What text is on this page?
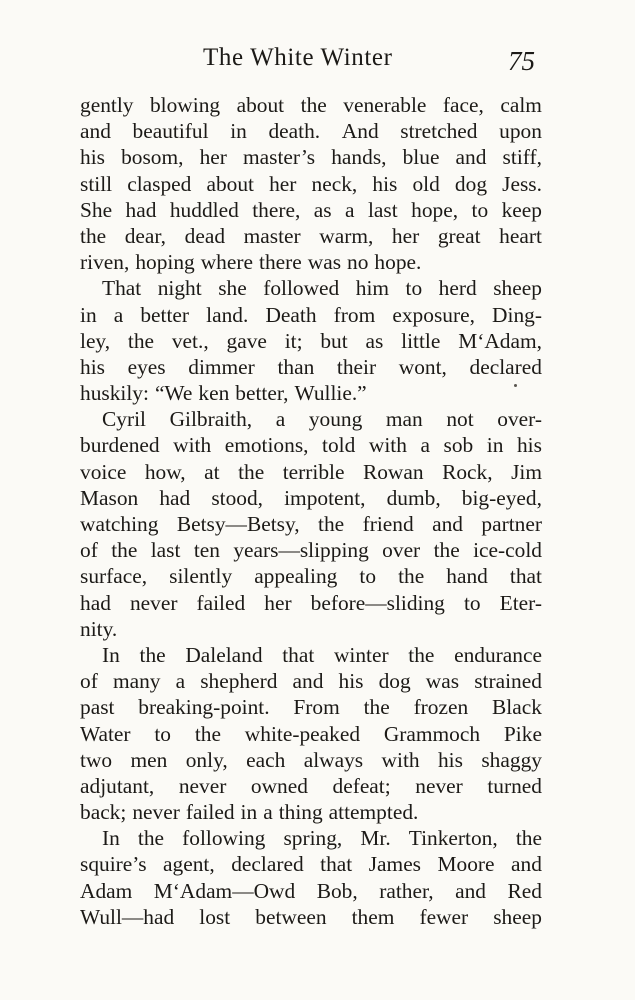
The White Winter	75
gently blowing about the venerable face, calm
and beautiful in death. And stretched upon
his bosom, her master’s hands, blue and stiff,
still clasped about her neck, his old dog Jess.
She had huddled there, as a last hope, to keep
the dear, dead master warm, her great heart
riven, hoping where there was no hope.
That night she followed him to herd sheep
in a better land. Death from exposure, Ding-
ley, the vet., gave it; but as little M‘Adam,
his eyes dimmer than their wont, declared
huskily: “We ken better, Wullie.”
Cyril Gilbraith, a young man not over-
burdened with emotions, told with a sob in his
voice how, at the terrible Rowan Rock, Jim
Mason had stood, impotent, dumb, big-eyed,
watching Betsy—Betsy, the friend and partner
of the last ten years—slipping over the ice-cold
surface, silently appealing to the hand that
had never failed her before—sliding to Eter-
nity.
In the Daleland that winter the endurance
of many a shepherd and his dog was strained
past breaking-point. From the frozen Black
Water to the white-peaked Grammoch Pike
two men only, each always with his shaggy
adjutant, never owned defeat; never turned
back; never failed in a thing attempted.
In the following spring, Mr. Tinkerton, the
squire’s agent, declared that James Moore and
Adam M‘Adam—Owd Bob, rather, and Red
Wull—had lost between them fewer sheep
